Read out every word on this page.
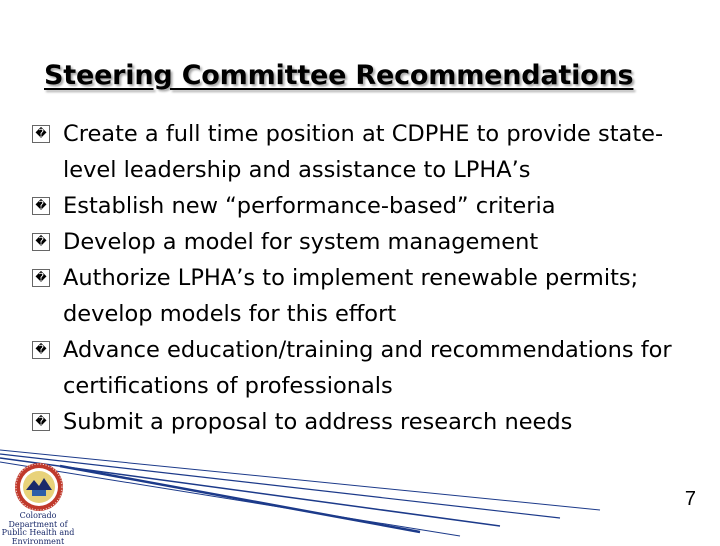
Steering Committee Recommendations
� Create a full time position at CDPHE to provide state-level leadership and assistance to LPHA’s
� Establish new “performance-based” criteria
� Develop a model for system management
� Authorize LPHA’s to implement renewable permits; develop models for this effort
� Advance education/training and recommendations for certifications of professionals
� Submit a proposal to address research needs
Colorado Department of Public Health and Environment
7
